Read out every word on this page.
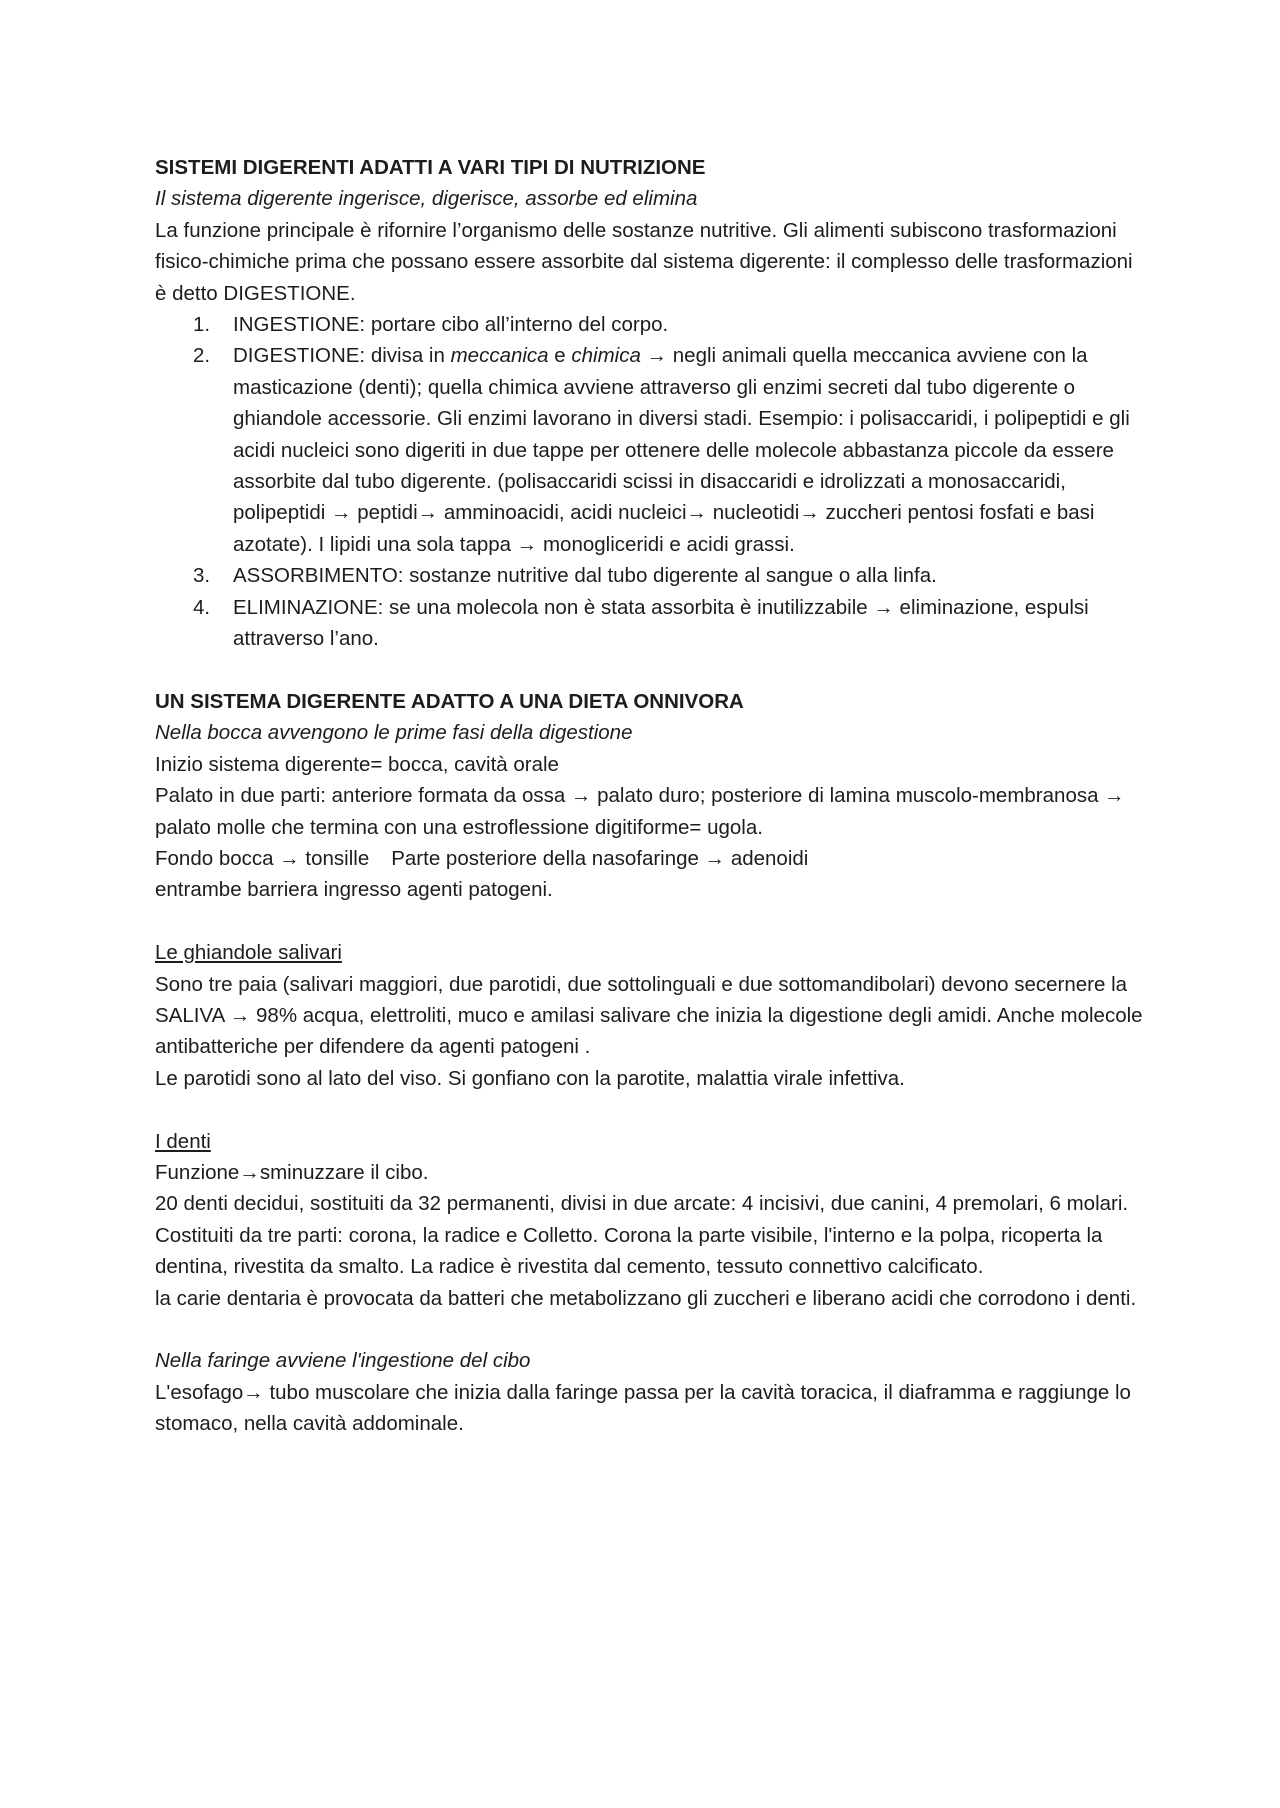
SISTEMI DIGERENTI ADATTI A VARI TIPI DI NUTRIZIONE

Il sistema digerente ingerisce, digerisce, assorbe ed elimina

La funzione principale è rifornire l’organismo delle sostanze nutritive. Gli alimenti subiscono trasformazioni fisico-chimiche prima che possano essere assorbite dal sistema digerente: il complesso delle trasformazioni è detto DIGESTIONE.

1. INGESTIONE: portare cibo all’interno del corpo.
2. DIGESTIONE: divisa in meccanica e chimica → negli animali quella meccanica avviene con la masticazione (denti); quella chimica avviene attraverso gli enzimi secreti dal tubo digerente o ghiandole accessorie. Gli enzimi lavorano in diversi stadi. Esempio: i polisaccaridi, i polipeptidi e gli acidi nucleici sono digeriti in due tappe per ottenere delle molecole abbastanza piccole da essere assorbite dal tubo digerente. (polisaccaridi scissi in disaccaridi e idrolizzati a monosaccaridi, polipeptidi → peptidi→ amminoacidi, acidi nucleici→ nucleotidi→ zuccheri pentosi fosfati e basi azotate). I lipidi una sola tappa → monogliceridi e acidi grassi.
3. ASSORBIMENTO: sostanze nutritive dal tubo digerente al sangue o alla linfa.
4. ELIMINAZIONE: se una molecola non è stata assorbita è inutilizzabile → eliminazione, espulsi attraverso l’ano.

UN SISTEMA DIGERENTE ADATTO A UNA DIETA ONNIVORA

Nella bocca avvengono le prime fasi della digestione

Inizio sistema digerente= bocca, cavità orale

Palato in due parti: anteriore formata da ossa → palato duro; posteriore di lamina muscolo-membranosa → palato molle che termina con una estroflessione digitiforme= ugola.

Fondo bocca → tonsille Parte posteriore della nasofaringe → adenoidi

entrambe barriera ingresso agenti patogeni.

Le ghiandole salivari

Sono tre paia (salivari maggiori, due parotidi, due sottolinguali e due sottomandibolari) devono secernere la SALIVA → 98% acqua, elettroliti, muco e amilasi salivare che inizia la digestione degli amidi. Anche molecole antibatteriche per difendere da agenti patogeni .

Le parotidi sono al lato del viso. Si gonfiano con la parotite, malattia virale infettiva.

I denti

Funzione→sminuzzare il cibo.

20 denti decidui, sostituiti da 32 permanenti, divisi in due arcate: 4 incisivi, due canini, 4 premolari, 6 molari.

Costituiti da tre parti: corona, la radice e Colletto. Corona la parte visibile, l'interno e la polpa, ricoperta la dentina, rivestita da smalto. La radice è rivestita dal cemento, tessuto connettivo calcificato.

la carie dentaria è provocata da batteri che metabolizzano gli zuccheri e liberano acidi che corrodono i denti.

Nella faringe avviene l'ingestione del cibo

L'esofago→ tubo muscolare che inizia dalla faringe passa per la cavità toracica, il diaframma e raggiunge lo stomaco, nella cavità addominale.
